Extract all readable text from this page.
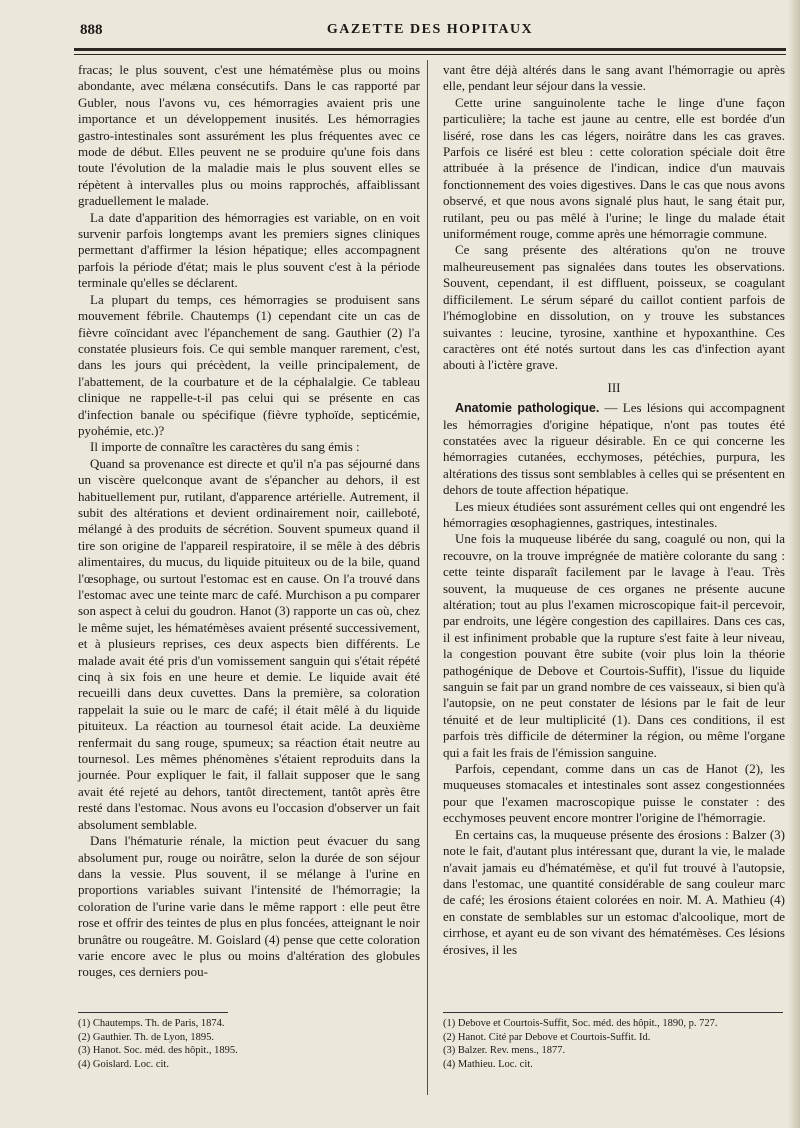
888	GAZETTE DES HOPITAUX

fracas; le plus souvent, c'est une hématémèse plus ou moins abondante, avec mélæna consécutifs. Dans le cas rapporté par Gubler, nous l'avons vu, ces hémorragies avaient pris une importance et un développement inusités. Les hémorragies gastro-intestinales sont assurément les plus fréquentes avec ce mode de début. Elles peuvent ne se produire qu'une fois dans toute l'évolution de la maladie mais le plus souvent elles se répètent à intervalles plus ou moins rapprochés, affaiblissant graduellement le malade.

La date d'apparition des hémorragies est variable, on en voit survenir parfois longtemps avant les premiers signes cliniques permettant d'affirmer la lésion hépatique; elles accompagnent parfois la période d'état; mais le plus souvent c'est à la période terminale qu'elles se déclarent.

La plupart du temps, ces hémorragies se produisent sans mouvement fébrile. Chautemps (1) cependant cite un cas de fièvre coïncidant avec l'épanchement de sang. Gauthier (2) l'a constatée plusieurs fois. Ce qui semble manquer rarement, c'est, dans les jours qui précèdent, la veille principalement, de l'abattement, de la courbature et de la céphalalgie. Ce tableau clinique ne rappelle-t-il pas celui qui se présente en cas d'infection banale ou spécifique (fièvre typhoïde, septicémie, pyohémie, etc.)?

Il importe de connaître les caractères du sang émis :

Quand sa provenance est directe et qu'il n'a pas séjourné dans un viscère quelconque avant de s'épancher au dehors, il est habituellement pur, rutilant, d'apparence artérielle. Autrement, il subit des altérations et devient ordinairement noir, cailleboté, mélangé à des produits de sécrétion. Souvent spumeux quand il tire son origine de l'appareil respiratoire, il se mêle à des débris alimentaires, du mucus, du liquide pituiteux ou de la bile, quand l'œsophage, ou surtout l'estomac est en cause. On l'a trouvé dans l'estomac avec une teinte marc de café. Murchison a pu comparer son aspect à celui du goudron. Hanot (3) rapporte un cas où, chez le même sujet, les hématémèses avaient présenté successivement, et à plusieurs reprises, ces deux aspects bien différents. Le malade avait été pris d'un vomissement sanguin qui s'était répété cinq à six fois en une heure et demie. Le liquide avait été recueilli dans deux cuvettes. Dans la première, sa coloration rappelait la suie ou le marc de café; il était mêlé à du liquide pituiteux. La réaction au tournesol était acide. La deuxième renfermait du sang rouge, spumeux; sa réaction était neutre au tournesol. Les mêmes phénomènes s'étaient reproduits dans la journée. Pour expliquer le fait, il fallait supposer que le sang avait été rejeté au dehors, tantôt directement, tantôt après être resté dans l'estomac. Nous avons eu l'occasion d'observer un fait absolument semblable.

Dans l'hématurie rénale, la miction peut évacuer du sang absolument pur, rouge ou noirâtre, selon la durée de son séjour dans la vessie. Plus souvent, il se mélange à l'urine en proportions variables suivant l'intensité de l'hémorragie; la coloration de l'urine varie dans le même rapport : elle peut être rose et offrir des teintes de plus en plus foncées, atteignant le noir brunâtre ou rougeâtre. M. Goislard (4) pense que cette coloration varie encore avec le plus ou moins d'altération des globules rouges, ces derniers pou-

vant être déjà altérés dans le sang avant l'hémorragie ou après elle, pendant leur séjour dans la vessie.

Cette urine sanguinolente tache le linge d'une façon particulière; la tache est jaune au centre, elle est bordée d'un liséré, rose dans les cas légers, noirâtre dans les cas graves. Parfois ce liséré est bleu : cette coloration spéciale doit être attribuée à la présence de l'indican, indice d'un mauvais fonctionnement des voies digestives. Dans le cas que nous avons observé, et que nous avons signalé plus haut, le sang était pur, rutilant, peu ou pas mêlé à l'urine; le linge du malade était uniformément rouge, comme après une hémorragie commune.

Ce sang présente des altérations qu'on ne trouve malheureusement pas signalées dans toutes les observations. Souvent, cependant, il est diffluent, poisseux, se coagulant difficilement. Le sérum séparé du caillot contient parfois de l'hémoglobine en dissolution, on y trouve les substances suivantes : leucine, tyrosine, xanthine et hypoxanthine. Ces caractères ont été notés surtout dans les cas d'infection ayant abouti à l'ictère grave.

III

Anatomie pathologique. — Les lésions qui accompagnent les hémorragies d'origine hépatique, n'ont pas toutes été constatées avec la rigueur désirable. En ce qui concerne les hémorragies cutanées, ecchymoses, pétéchies, purpura, les altérations des tissus sont semblables à celles qui se présentent en dehors de toute affection hépatique.

Les mieux étudiées sont assurément celles qui ont engendré les hémorragies œsophagiennes, gastriques, intestinales.

Une fois la muqueuse libérée du sang, coagulé ou non, qui la recouvre, on la trouve imprégnée de matière colorante du sang : cette teinte disparaît facilement par le lavage à l'eau. Très souvent, la muqueuse de ces organes ne présente aucune altération; tout au plus l'examen microscopique fait-il percevoir, par endroits, une légère congestion des capillaires. Dans ces cas, il est infiniment probable que la rupture s'est faite à leur niveau, la congestion pouvant être subite (voir plus loin la théorie pathogénique de Debove et Courtois-Suffit), l'issue du liquide sanguin se fait par un grand nombre de ces vaisseaux, si bien qu'à l'autopsie, on ne peut constater de lésions par le fait de leur ténuité et de leur multiplicité (1). Dans ces conditions, il est parfois très difficile de déterminer la région, ou même l'organe qui a fait les frais de l'émission sanguine.

Parfois, cependant, comme dans un cas de Hanot (2), les muqueuses stomacales et intestinales sont assez congestionnées pour que l'examen macroscopique puisse le constater : des ecchymoses peuvent encore montrer l'origine de l'hémorragie.

En certains cas, la muqueuse présente des érosions : Balzer (3) note le fait, d'autant plus intéressant que, durant la vie, le malade n'avait jamais eu d'hématémèse, et qu'il fut trouvé à l'autopsie, dans l'estomac, une quantité considérable de sang couleur marc de café; les érosions étaient colorées en noir. M. A. Mathieu (4) en constate de semblables sur un estomac d'alcoolique, mort de cirrhose, et ayant eu de son vivant des hématémèses. Ces lésions érosives, il les

(1) Chautemps. Th. de Paris, 1874.
(2) Gauthier. Th. de Lyon, 1895.
(3) Hanot. Soc. méd. des hôpit., 1895.
(4) Goislard. Loc. cit.
(1) Debove et Courtois-Suffit, Soc. méd. des hôpit., 1890, p. 727.
(2) Hanot. Cité par Debove et Courtois-Suffit. Id.
(3) Balzer. Rev. mens., 1877.
(4) Mathieu. Loc. cit.
